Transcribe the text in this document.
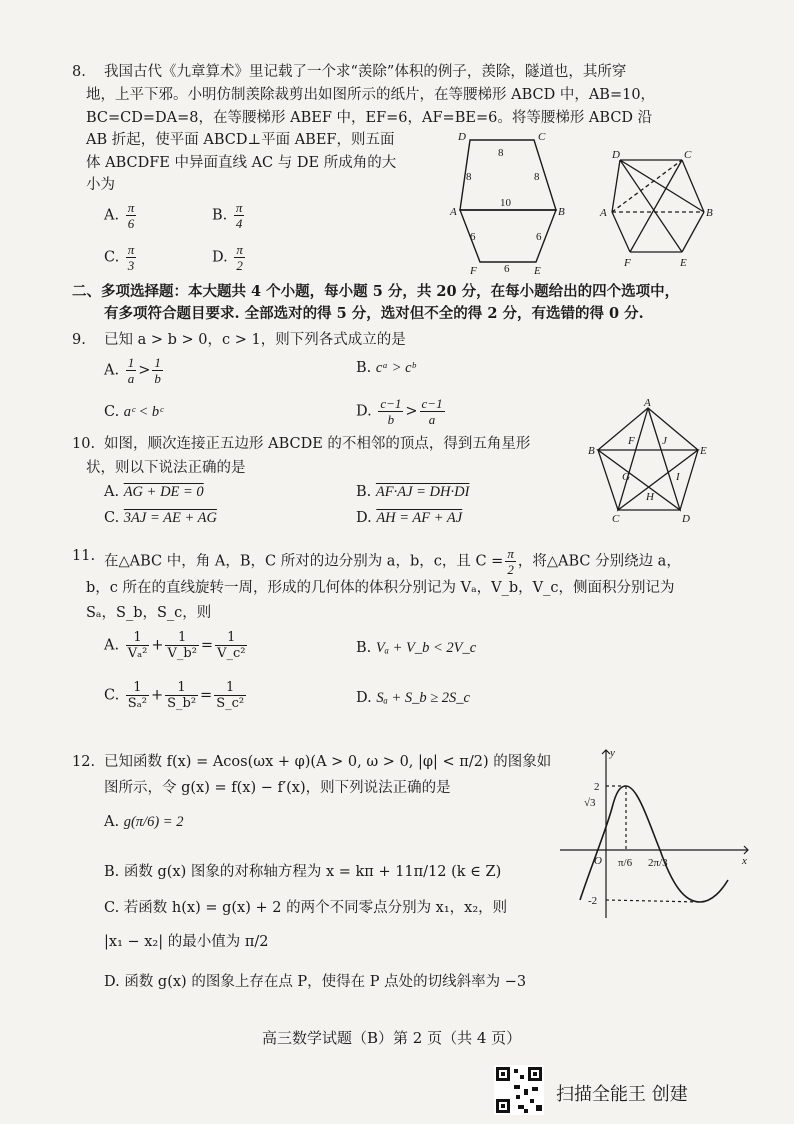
8. 我国古代《九章算术》里记载了一个求“羡除”体积的例子，羡除，隧道也，其所穿
地，上平下邪。小明仿制羡除裁剪出如图所示的纸片，在等腰梯形 ABCD 中，AB=10，
BC=CD=DA=8，在等腰梯形 ABEF 中，EF=6，AF=BE=6。将等腰梯形 ABCD 沿
AB 折起，使平面 ABCD⊥平面 ABEF，则五面
体 ABCDFE 中异面直线 AC 与 DE 所成角的大
小为
A. $\frac{\pi}{6}$	B. $\frac{\pi}{4}$
C. $\frac{\pi}{3}$	D. $\frac{\pi}{2}$
D	C
A	B
F	E
8
8	8
10
6	6
6
D	C
A	B
F	E
二、多项选择题：本大题共 4 个小题，每小题 5 分，共 20 分，在每小题给出的四个选项中，
有多项符合题目要求. 全部选对的得 5 分，选对但不全的得 2 分，有选错的得 0 分.
9. 已知 a > b > 0，c > 1，则下列各式成立的是
A. $\frac{1}{a} > \frac{1}{b}$	B. cᵃ > cᵇ
C. aᶜ < bᶜ	D. $\frac{c-1}{b} > \frac{c-1}{a}$
10. 如图，顺次连接正五边形 ABCDE 的不相邻的顶点，得到五角星形
状，则以下说法正确的是
A. AG + DE = 0	B. AF·AJ = DH·DI
C. 3AJ = AE + AG	D. AH = AF + AJ
A
B
C	D
E
F
G
H
I
J
11. 在△ABC 中，角 A，B，C 所对的边分别为 a，b，c，且 $C = \frac{\pi}{2}$ ，将△ABC 分别绕边 a，
b，c 所在的直线旋转一周，形成的几何体的体积分别记为 Vₐ，V_b，V_c，侧面积分别记为
Sₐ，S_b，S_c，则
A. $\frac{1}{\text{Vₐ²}} + \frac{1}{\text{V\_b²}} = \frac{1}{\text{V\_c²}}$	B. Vₐ + V_b < 2V_c
C. $\frac{1}{\text{Sₐ²}} + \frac{1}{\text{S\_b²}} = \frac{1}{\text{S\_c²}}$	D. Sₐ + S_b ≥ 2S_c
12. 已知函数 f(x) = Acos(ωx + φ)(A > 0, ω > 0, |φ| < π/2) 的图象如
图所示，令 g(x) = f(x) − f′(x)，则下列说法正确的是
A. g(π/6) = 2
B. 函数 g(x) 图象的对称轴方程为 x = kπ + 11π/12 (k ∈ Z)
C. 若函数 h(x) = g(x) + 2 的两个不同零点分别为 x₁，x₂，则
|x₁ − x₂| 的最小值为 π/2
D. 函数 g(x) 的图象上存在点 P，使得在 P 点处的切线斜率为 −3
y
x
O
2
√3
π/6 2π/3
-2
高三数学试题（B）第 2 页（共 4 页）
扫描全能王 创建
